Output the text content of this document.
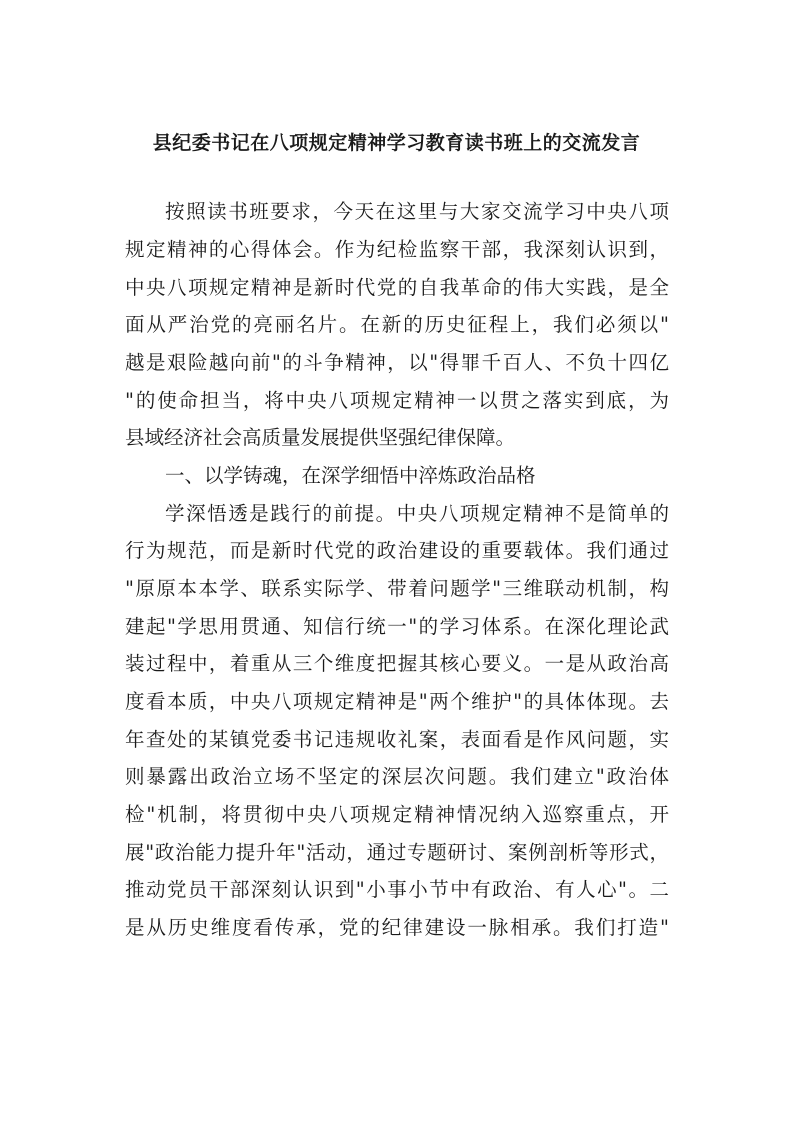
县纪委书记在八项规定精神学习教育读书班上的交流发言
按照读书班要求，今天在这里与大家交流学习中央八项
规定精神的心得体会。作为纪检监察干部，我深刻认识到，
中央八项规定精神是新时代党的自我革命的伟大实践，是全
面从严治党的亮丽名片。在新的历史征程上，我们必须以"
越是艰险越向前"的斗争精神，以"得罪千百人、不负十四亿
"的使命担当，将中央八项规定精神一以贯之落实到底，为
县域经济社会高质量发展提供坚强纪律保障。
一、以学铸魂，在深学细悟中淬炼政治品格
学深悟透是践行的前提。中央八项规定精神不是简单的
行为规范，而是新时代党的政治建设的重要载体。我们通过
"原原本本学、联系实际学、带着问题学"三维联动机制，构
建起"学思用贯通、知信行统一"的学习体系。在深化理论武
装过程中，着重从三个维度把握其核心要义。一是从政治高
度看本质，中央八项规定精神是"两个维护"的具体体现。去
年查处的某镇党委书记违规收礼案，表面看是作风问题，实
则暴露出政治立场不坚定的深层次问题。我们建立"政治体
检"机制，将贯彻中央八项规定精神情况纳入巡察重点，开
展"政治能力提升年"活动，通过专题研讨、案例剖析等形式，
推动党员干部深刻认识到"小事小节中有政治、有人心"。二
是从历史维度看传承，党的纪律建设一脉相承。我们打造"
